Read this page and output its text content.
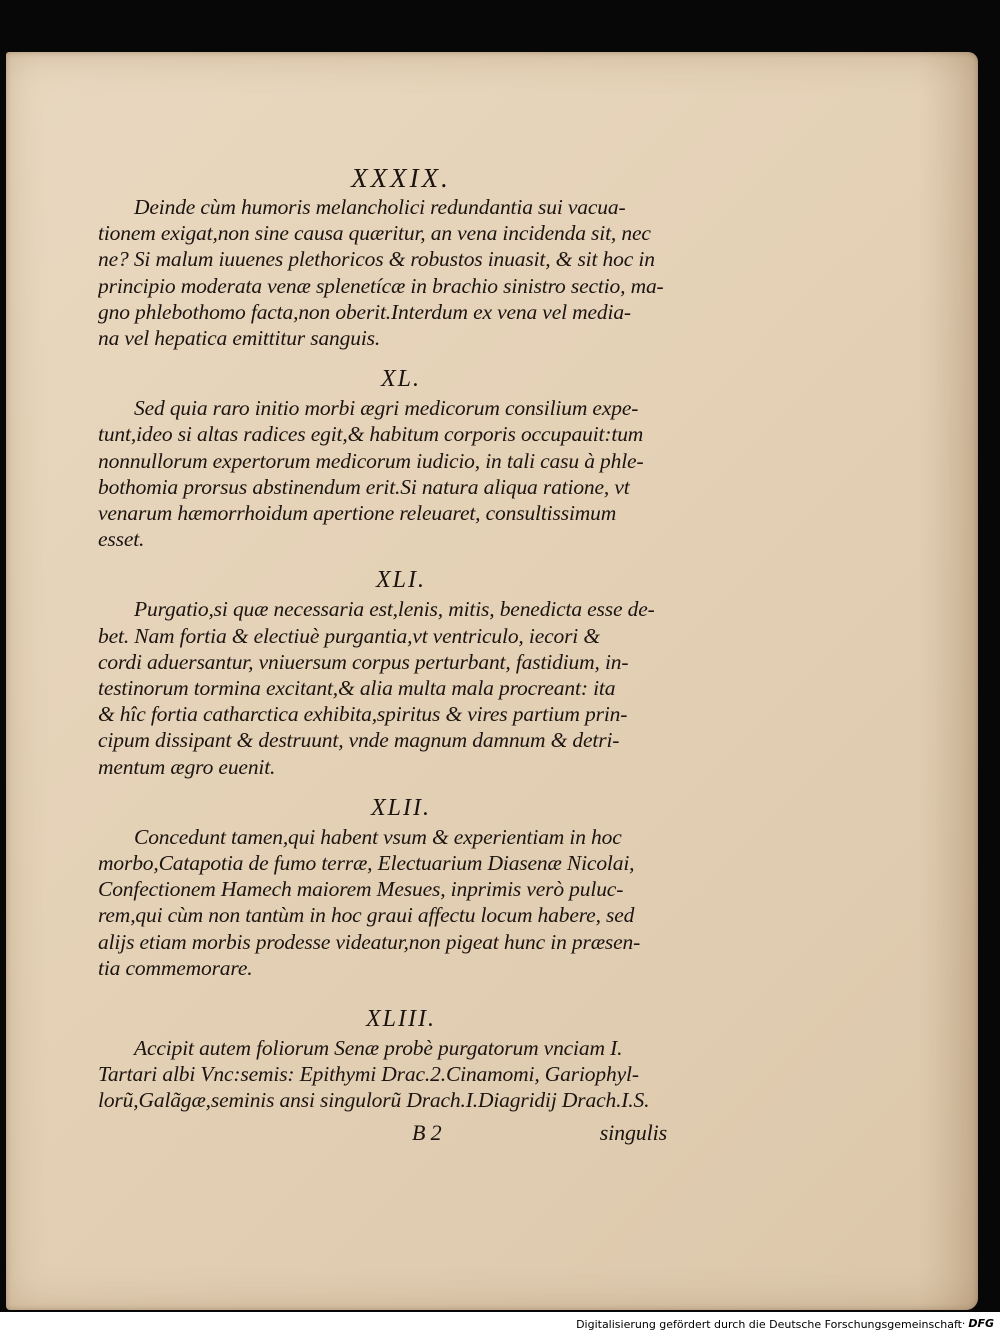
XXXIX.
Deinde cùm humoris melancholici redundantia sui vacua-
tionem exigat,non sine causa quæritur, an vena incidenda sit, nec
ne? Si malum iuuenes plethoricos & robustos inuasit, & sit hoc in
principio moderata venæ splenetícæ in brachio sinistro sectio, ma-
gno phlebothomo facta,non oberit.Interdum ex vena vel media-
na vel hepatica emittitur sanguis.
XL.
Sed quia raro initio morbi ægri medicorum consilium expe-
tunt,ideo si altas radices egit,& habitum corporis occupauit:tum
nonnullorum expertorum medicorum iudicio, in tali casu à phle-
bothomia prorsus abstinendum erit.Si natura aliqua ratione, vt
venarum hæmorrhoidum apertione releuaret, consultissimum
esset.
XLI.
Purgatio,si quæ necessaria est,lenis, mitis, benedicta esse de-
bet. Nam fortia & electiuè purgantia,vt ventriculo, iecori &
cordi aduersantur, vniuersum corpus perturbant, fastidium, in-
testinorum tormina excitant,& alia multa mala procreant: ita
& hîc fortia catharctica exhibita,spiritus & vires partium prin-
cipum dissipant & destruunt, vnde magnum damnum & detri-
mentum ægro euenit.
XLII.
Concedunt tamen,qui habent vsum & experientiam in hoc
morbo,Catapotia de fumo terræ, Electuarium Diasenæ Nicolai,
Confectionem Hamech maiorem Mesues, inprimis verò puluc-
rem,qui cùm non tantùm in hoc graui affectu locum habere, sed
alijs etiam morbis prodesse videatur,non pigeat hunc in præsen-
tia commemorare.
XLIII.
Accipit autem foliorum Senæ probè purgatorum vnciam I.
Tartari albi Vnc:semis: Epithymi Drac.2.Cinamomi, Gariophyl-
lorũ,Galãgæ,seminis ansi singulorũ Drach.I.Diagridij Drach.I.S.
B 2	singulis
Digitalisierung gefördert durch die Deutsche Forschungsgemeinschaft · DFG
